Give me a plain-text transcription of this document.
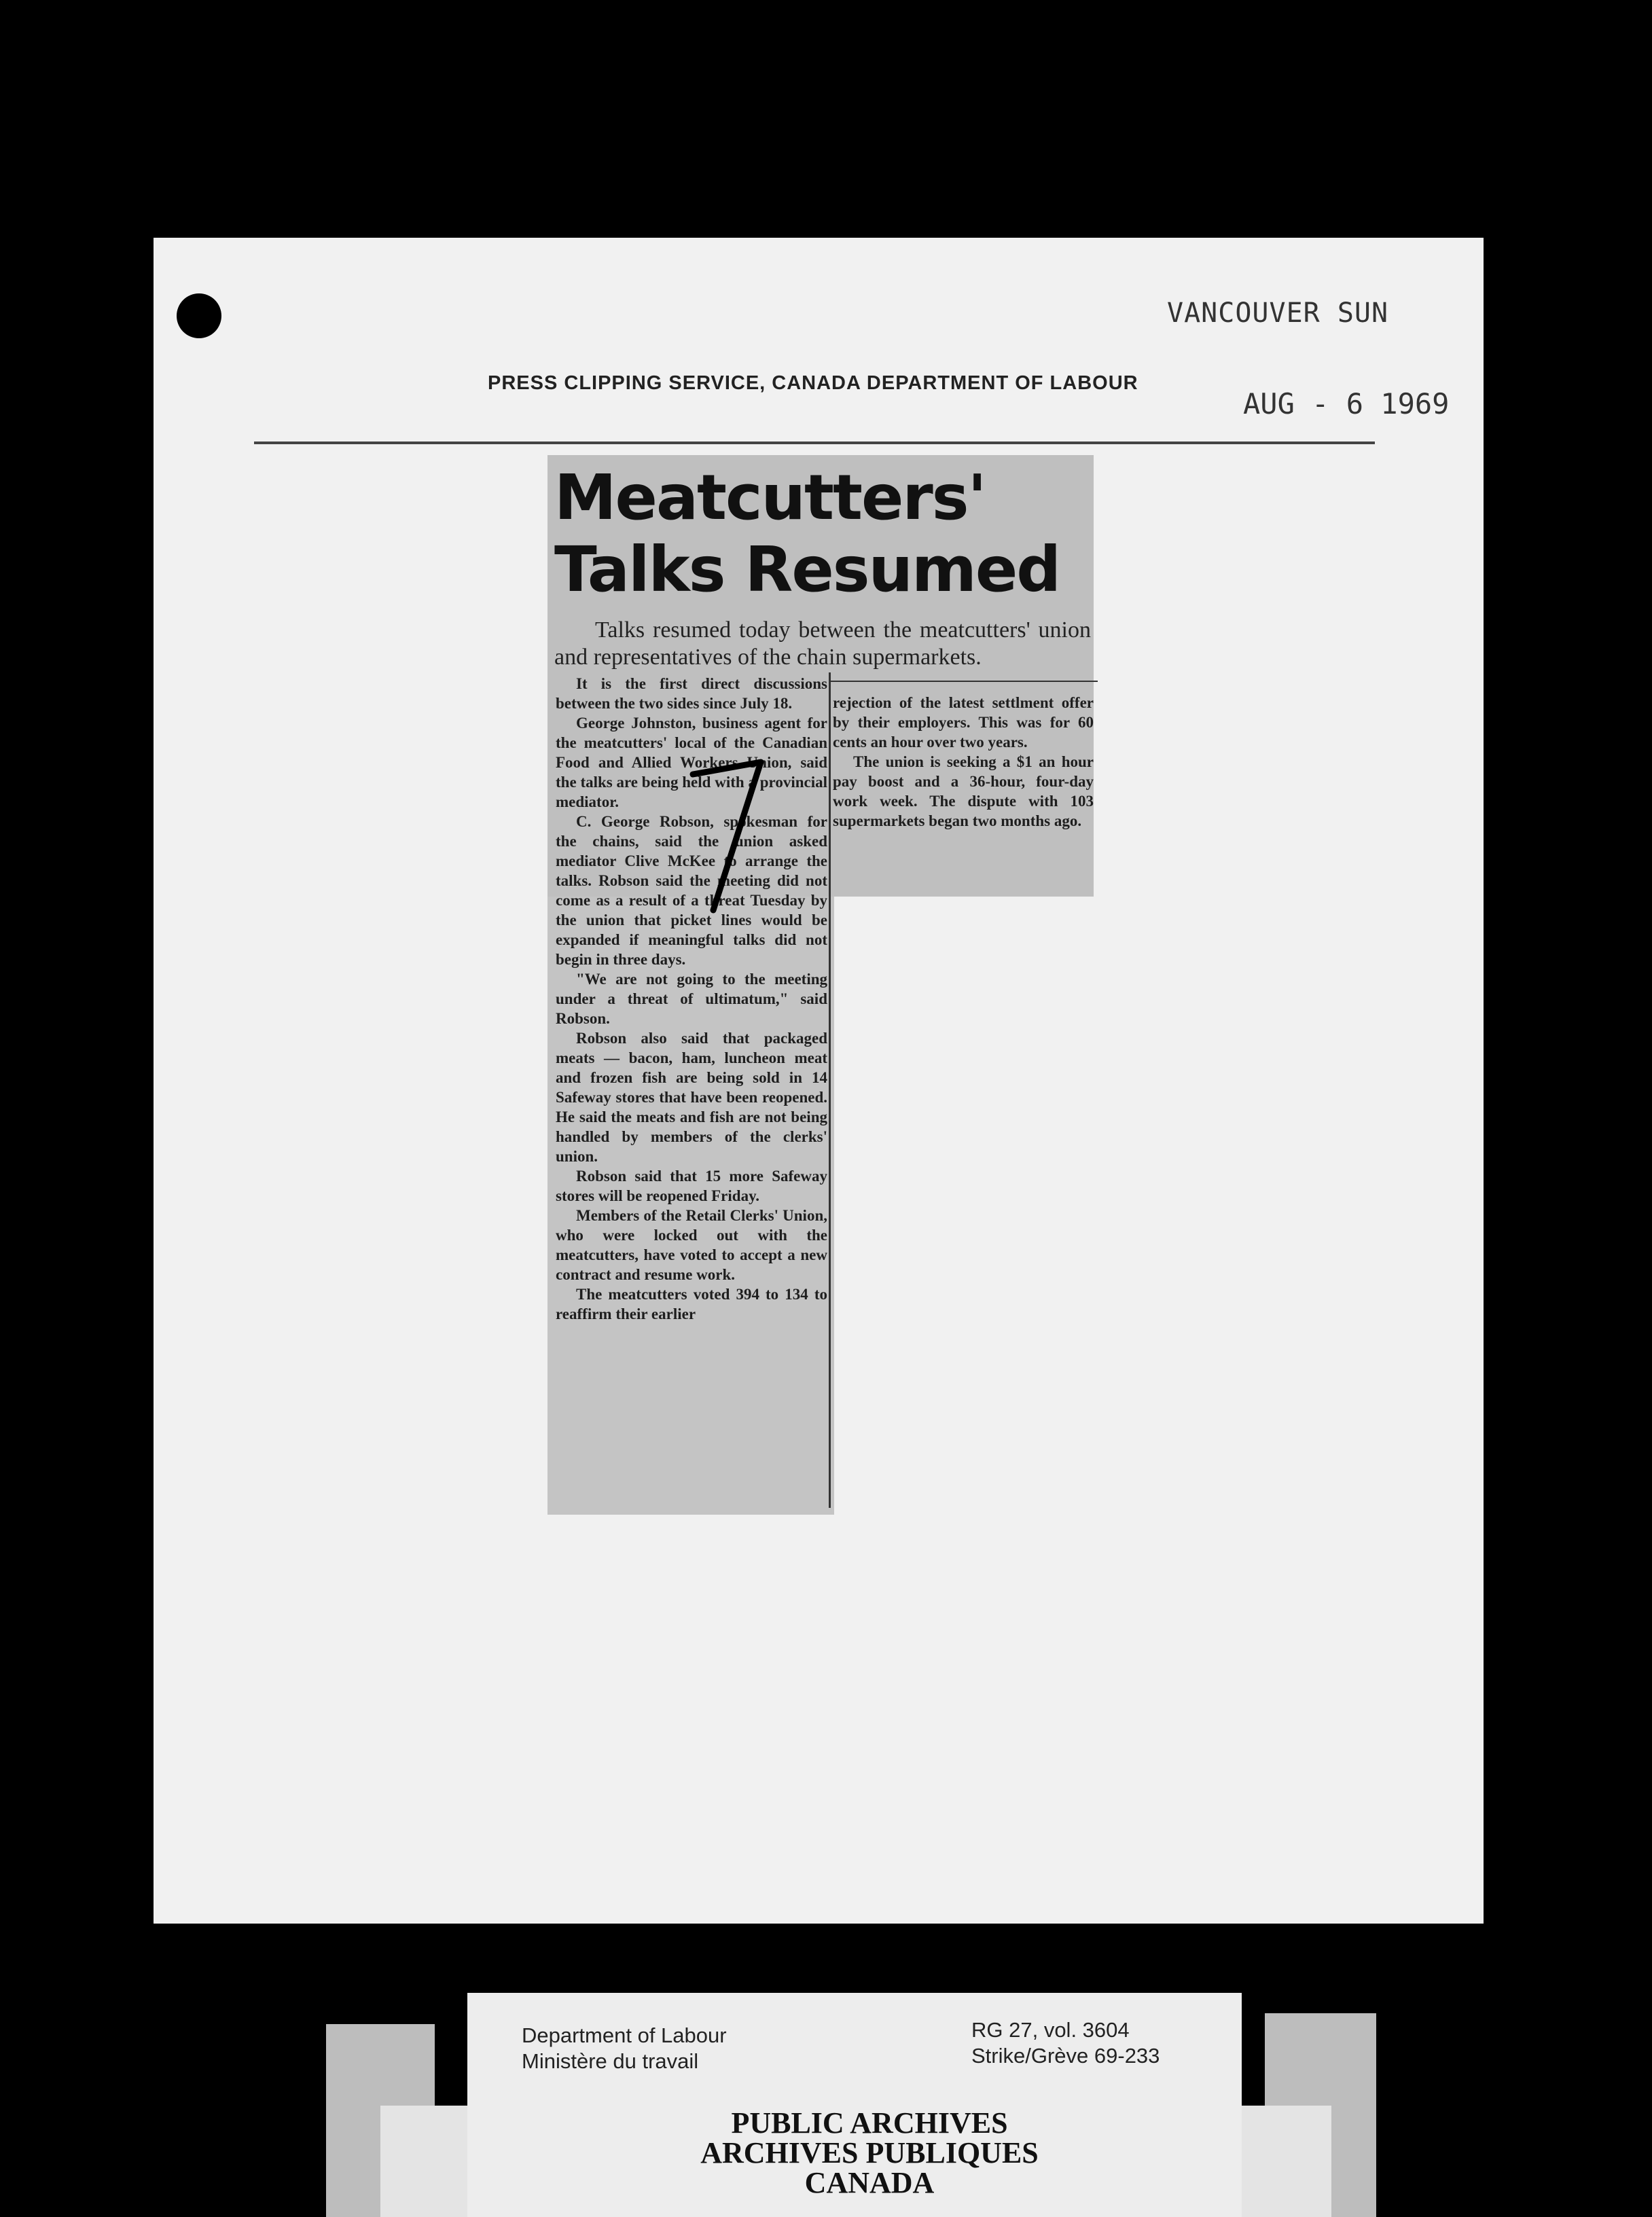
VANCOUVER SUN
PRESS CLIPPING SERVICE, CANADA DEPARTMENT OF LABOUR
AUG - 6 1969
Meatcutters'
Talks Resumed

Talks resumed today between the meatcutters' union and representatives of the chain supermarkets.

It is the first direct discussions between the two sides since July 18.

George Johnston, business agent for the meatcutters' local of the Canadian Food and Allied Workers Union, said the talks are being held with a provincial mediator.

C. George Robson, spokesman for the chains, said the union asked mediator Clive McKee to arrange the talks. Robson said the meeting did not come as a result of a threat Tuesday by the union that picket lines would be expanded if meaningful talks did not begin in three days.

"We are not going to the meeting under a threat of ultimatum," said Robson.

Robson also said that packaged meats — bacon, ham, luncheon meat and frozen fish are being sold in 14 Safeway stores that have been reopened. He said the meats and fish are not being handled by members of the clerks' union.

Robson said that 15 more Safeway stores will be reopened Friday.

Members of the Retail Clerks' Union, who were locked out with the meatcutters, have voted to accept a new contract and resume work.

The meatcutters voted 394 to 134 to reaffirm their earlier

rejection of the latest settlment offer by their employers. This was for 60 cents an hour over two years.

The union is seeking a $1 an hour pay boost and a 36-hour, four-day work week. The dispute with 103 supermarkets began two months ago.

Department of Labour
Ministère du travail
RG 27, vol. 3604
Strike/Grève 69-233
PUBLIC ARCHIVES
ARCHIVES PUBLIQUES
CANADA
